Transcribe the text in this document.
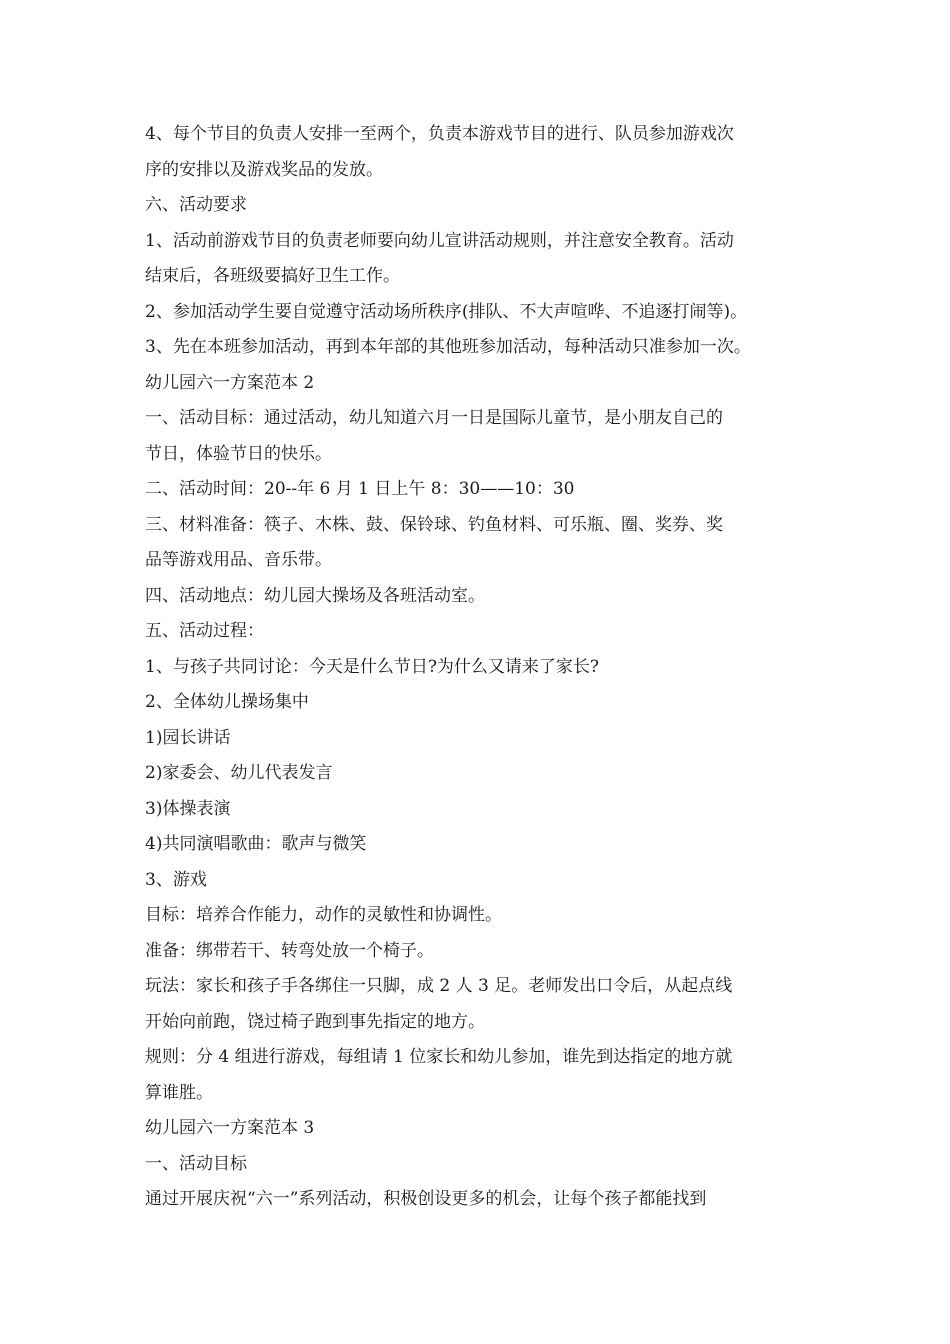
4、每个节目的负责人安排一至两个，负责本游戏节目的进行、队员参加游戏次
序的安排以及游戏奖品的发放。
六、活动要求
1、活动前游戏节目的负责老师要向幼儿宣讲活动规则，并注意安全教育。活动
结束后，各班级要搞好卫生工作。
2、参加活动学生要自觉遵守活动场所秩序(排队、不大声喧哗、不追逐打闹等)。
3、先在本班参加活动，再到本年部的其他班参加活动，每种活动只准参加一次。
幼儿园六一方案范本 2
一、活动目标：通过活动，幼儿知道六月一日是国际儿童节，是小朋友自己的
节日，体验节日的快乐。
二、活动时间：20--年 6 月 1 日上午 8：30——10：30
三、材料准备：筷子、木株、鼓、保铃球、钓鱼材料、可乐瓶、圈、奖券、奖
品等游戏用品、音乐带。
四、活动地点：幼儿园大操场及各班活动室。
五、活动过程：
1、与孩子共同讨论：今天是什么节日?为什么又请来了家长?
2、全体幼儿操场集中
1)园长讲话
2)家委会、幼儿代表发言
3)体操表演
4)共同演唱歌曲：歌声与微笑
3、游戏
目标：培养合作能力，动作的灵敏性和协调性。
准备：绑带若干、转弯处放一个椅子。
玩法：家长和孩子手各绑住一只脚，成 2 人 3 足。老师发出口令后，从起点线
开始向前跑，饶过椅子跑到事先指定的地方。
规则：分 4 组进行游戏，每组请 1 位家长和幼儿参加，谁先到达指定的地方就
算谁胜。
幼儿园六一方案范本 3
一、活动目标
通过开展庆祝“六一”系列活动，积极创设更多的机会，让每个孩子都能找到
